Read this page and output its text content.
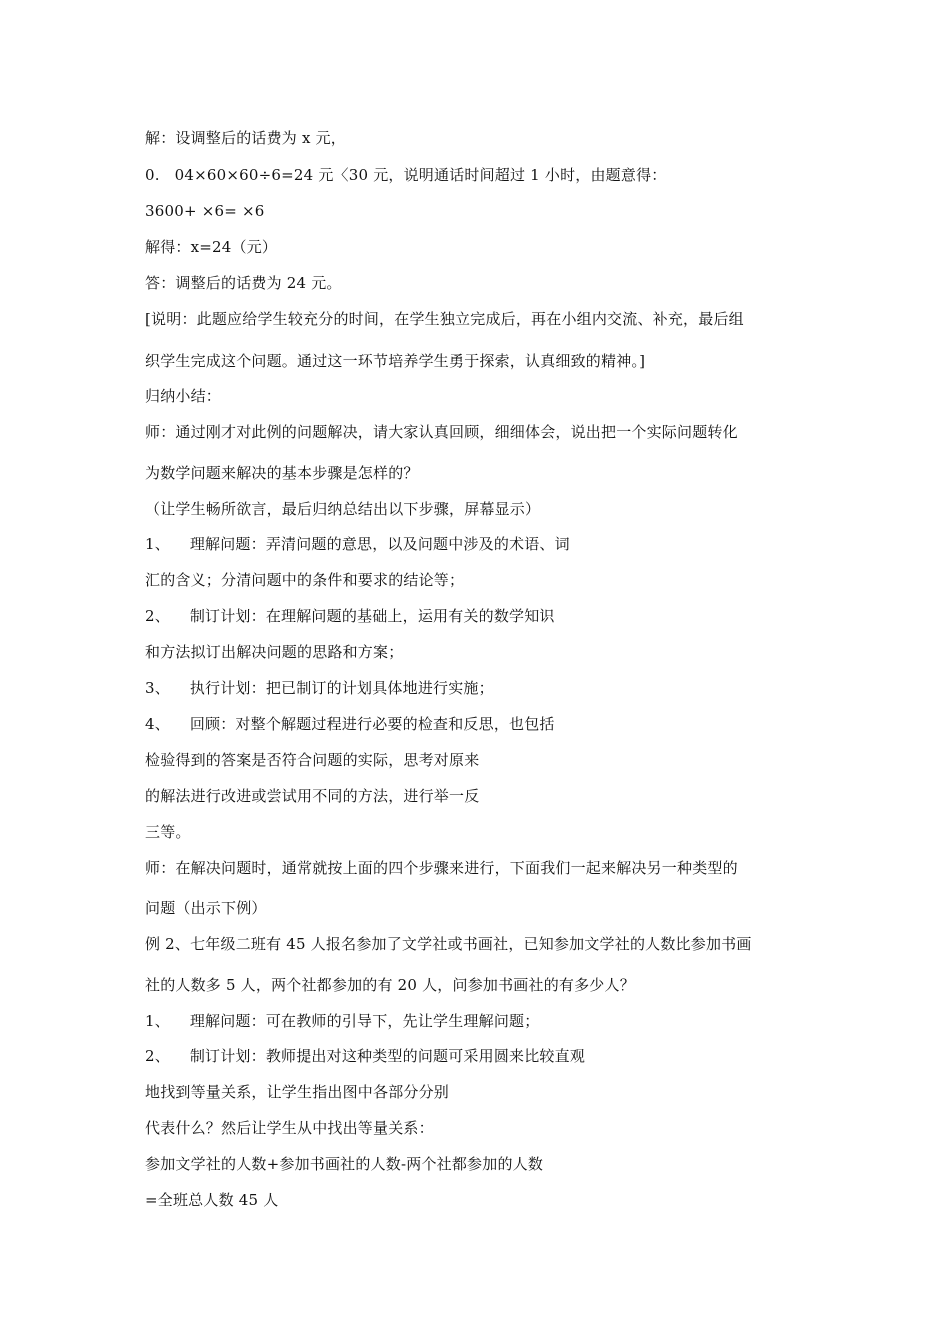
解：设调整后的话费为 x 元，
0.   04×60×60÷6=24 元〈30 元，说明通话时间超过 1 小时，由题意得：
3600+ ×6= ×6
解得：x=24（元）
答：调整后的话费为 24 元。
[说明：此题应给学生较充分的时间，在学生独立完成后，再在小组内交流、补充，最后组
织学生完成这个问题。通过这一环节培养学生勇于探索，认真细致的精神。]
归纳小结：
师：通过刚才对此例的问题解决，请大家认真回顾，细细体会，说出把一个实际问题转化
为数学问题来解决的基本步骤是怎样的？
（让学生畅所欲言，最后归纳总结出以下步骤，屏幕显示）
1、    理解问题：弄清问题的意思，以及问题中涉及的术语、词
汇的含义；分清问题中的条件和要求的结论等；
2、    制订计划：在理解问题的基础上，运用有关的数学知识
和方法拟订出解决问题的思路和方案；
3、    执行计划：把已制订的计划具体地进行实施；
4、    回顾：对整个解题过程进行必要的检查和反思，也包括
检验得到的答案是否符合问题的实际，思考对原来
的解法进行改进或尝试用不同的方法，进行举一反
三等。
师：在解决问题时，通常就按上面的四个步骤来进行，下面我们一起来解决另一种类型的
问题（出示下例）
例 2、七年级二班有 45 人报名参加了文学社或书画社，已知参加文学社的人数比参加书画
社的人数多 5 人，两个社都参加的有 20 人，问参加书画社的有多少人？
1、    理解问题：可在教师的引导下，先让学生理解问题；
2、    制订计划：教师提出对这种类型的问题可采用圆来比较直观
地找到等量关系，让学生指出图中各部分分别
代表什么？然后让学生从中找出等量关系：
参加文学社的人数+参加书画社的人数-两个社都参加的人数
=全班总人数 45 人
